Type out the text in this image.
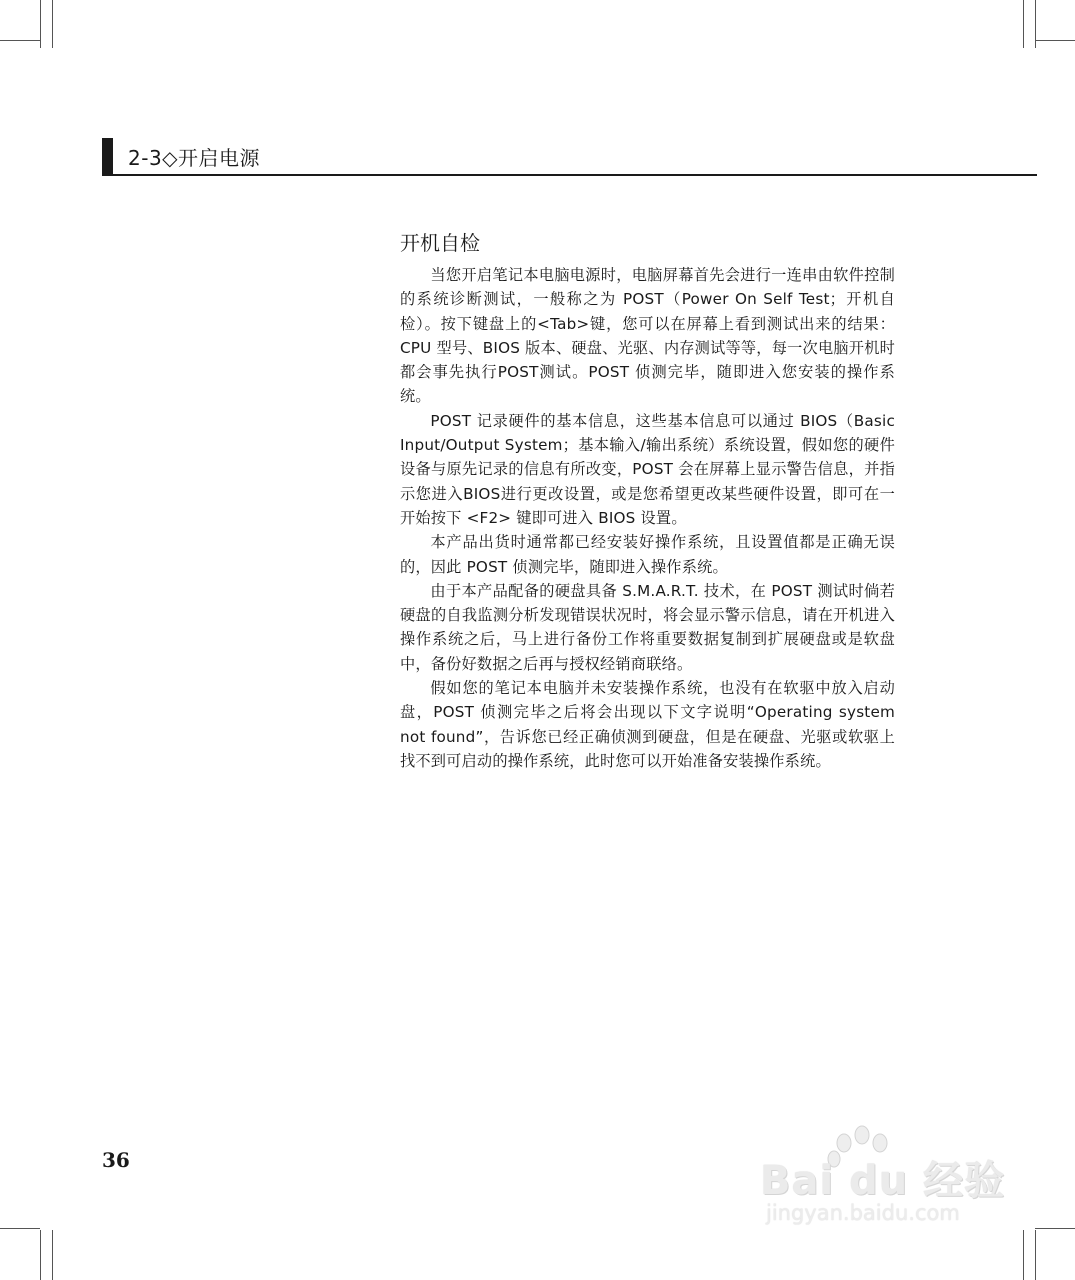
2-3◇开启电源
开机自检

当您开启笔记本电脑电源时，电脑屏幕首先会进行一连串由软件控制的系统诊断测试，一般称之为 POST（Power On Self Test；开机自检）。按下键盘上的<Tab>键，您可以在屏幕上看到测试出来的结果：CPU 型号、BIOS 版本、硬盘、光驱、内存测试等等，每一次电脑开机时都会事先执行POST测试。POST 侦测完毕，随即进入您安装的操作系统。

POST 记录硬件的基本信息，这些基本信息可以通过 BIOS（Basic Input/Output System；基本输入/输出系统）系统设置，假如您的硬件设备与原先记录的信息有所改变，POST 会在屏幕上显示警告信息，并指示您进入BIOS进行更改设置，或是您希望更改某些硬件设置，即可在一开始按下 <F2> 键即可进入 BIOS 设置。

本产品出货时通常都已经安装好操作系统，且设置值都是正确无误的，因此 POST 侦测完毕，随即进入操作系统。

由于本产品配备的硬盘具备 S.M.A.R.T. 技术，在 POST 测试时倘若硬盘的自我监测分析发现错误状况时，将会显示警示信息，请在开机进入操作系统之后，马上进行备份工作将重要数据复制到扩展硬盘或是软盘中，备份好数据之后再与授权经销商联络。

假如您的笔记本电脑并未安装操作系统，也没有在软驱中放入启动盘，POST 侦测完毕之后将会出现以下文字说明“Operating system not found”，告诉您已经正确侦测到硬盘，但是在硬盘、光驱或软驱上找不到可启动的操作系统，此时您可以开始准备安装操作系统。

36	Bai du 经验
jingyan.baidu.com
